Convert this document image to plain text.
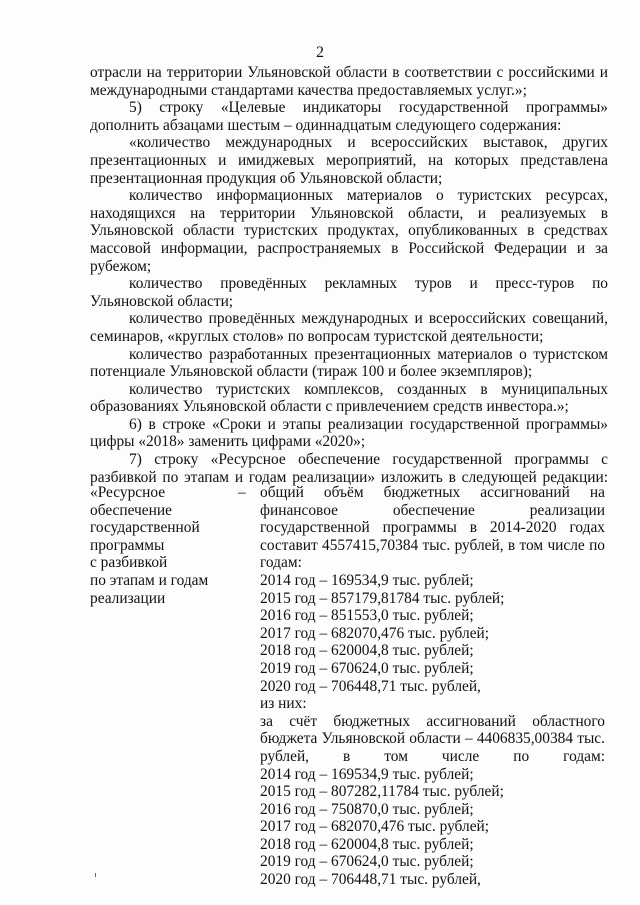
2

отрасли на территории Ульяновской области в соответствии с российскими и международными стандартами качества предоставляемых услуг.»;

5) строку «Целевые индикаторы государственной программы» дополнить абзацами шестым – одиннадцатым следующего содержания:

«количество международных и всероссийских выставок, других презентационных и имиджевых мероприятий, на которых представлена презентационная продукция об Ульяновской области;

количество информационных материалов о туристских ресурсах, находящихся на территории Ульяновской области, и реализуемых в Ульяновской области туристских продуктах, опубликованных в средствах массовой информации, распространяемых в Российской Федерации и за рубежом;

количество проведённых рекламных туров и пресс-туров по Ульяновской области;

количество проведённых международных и всероссийских совещаний, семинаров, «круглых столов» по вопросам туристской деятельности;

количество разработанных презентационных материалов о туристском потенциале Ульяновской области (тираж 100 и более экземпляров);

количество туристских комплексов, созданных в муниципальных образованиях Ульяновской области с привлечением средств инвестора.»;

6) в строке «Сроки и этапы реализации государственной программы» цифры «2018» заменить цифрами «2020»;

7) строку «Ресурсное обеспечение государственной программы с разбивкой по этапам и годам реализации» изложить в следующей редакции:

«Ресурсное
обеспечение
государственной
программы
с разбивкой
по этапам и годам
реализации
– общий объём бюджетных ассигнований на финансовое обеспечение реализации государственной программы в 2014-2020 годах составит 4557415,70384 тыс. рублей, в том числе по годам:

2014 год – 169534,9 тыс. рублей;
2015 год – 857179,81784 тыс. рублей;
2016 год – 851553,0 тыс. рублей;
2017 год – 682070,476 тыс. рублей;
2018 год – 620004,8 тыс. рублей;
2019 год – 670624,0 тыс. рублей;
2020 год – 706448,71 тыс. рублей,
из них:

за счёт бюджетных ассигнований областного бюджета Ульяновской области – 4406835,00384 тыс. рублей, в том числе по годам:

2014 год – 169534,9 тыс. рублей;
2015 год – 807282,11784 тыс. рублей;
2016 год – 750870,0 тыс. рублей;
2017 год – 682070,476 тыс. рублей;
2018 год – 620004,8 тыс. рублей;
2019 год – 670624,0 тыс. рублей;
2020 год – 706448,71 тыс. рублей,
